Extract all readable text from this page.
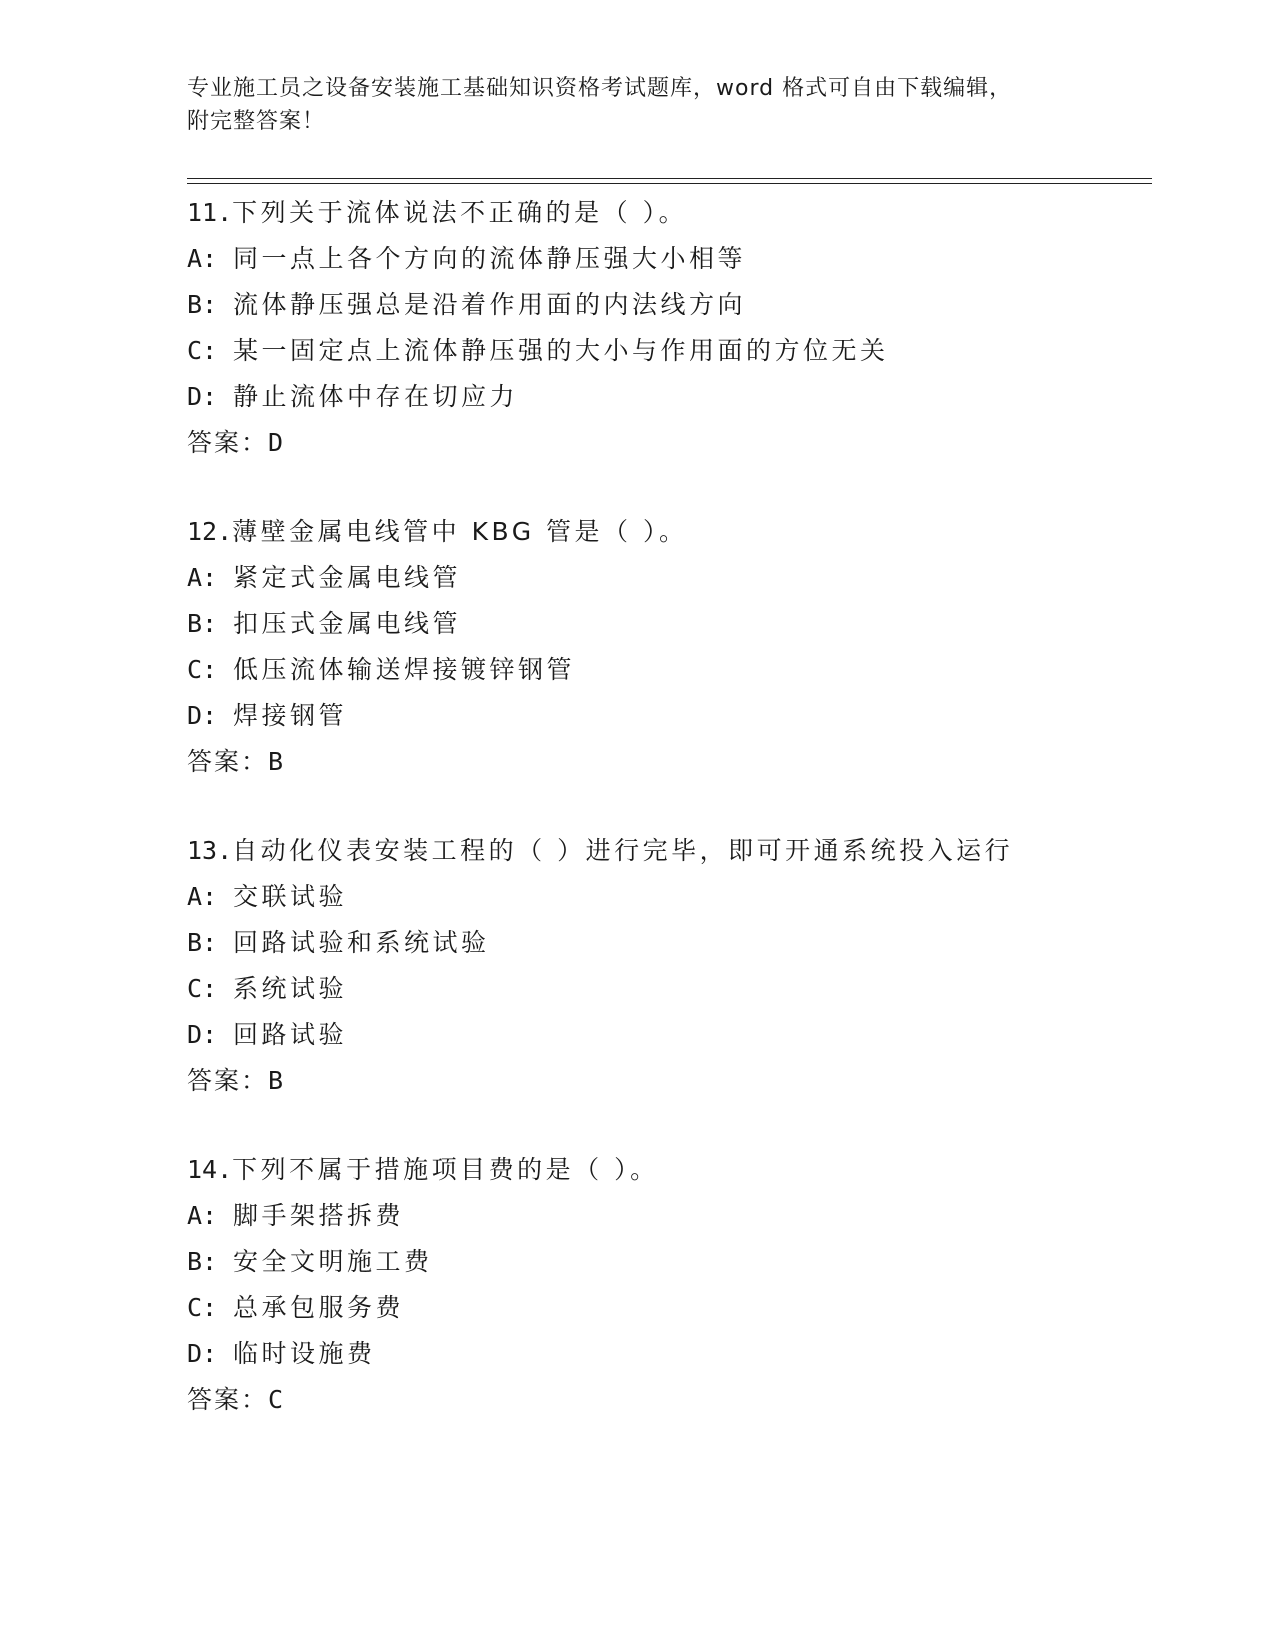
专业施工员之设备安装施工基础知识资格考试题库，word 格式可自由下载编辑，
附完整答案！
11.下列关于流体说法不正确的是（ ）。
A: 同一点上各个方向的流体静压强大小相等
B: 流体静压强总是沿着作用面的内法线方向
C: 某一固定点上流体静压强的大小与作用面的方位无关
D: 静止流体中存在切应力
答案：D
12.薄壁金属电线管中 KBG 管是（ ）。
A: 紧定式金属电线管
B: 扣压式金属电线管
C: 低压流体输送焊接镀锌钢管
D: 焊接钢管
答案：B
13.自动化仪表安装工程的（ ）进行完毕，即可开通系统投入运行
A: 交联试验
B: 回路试验和系统试验
C: 系统试验
D: 回路试验
答案：B
14.下列不属于措施项目费的是（ ）。
A: 脚手架搭拆费
B: 安全文明施工费
C: 总承包服务费
D: 临时设施费
答案：C
